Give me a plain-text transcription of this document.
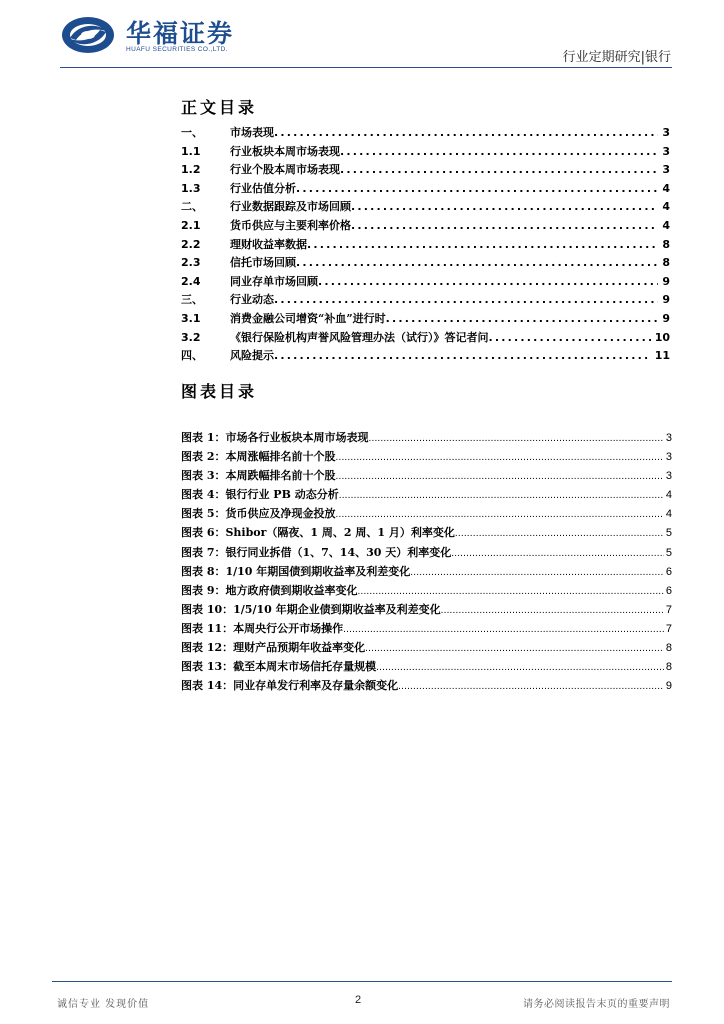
华福证券
HUAFU SECURITIES CO.,LTD.
行业定期研究|银行
正文目录
一、	市场表现 .....	3
1.1	行业板块本周市场表现 .....	3
1.2	行业个股本周市场表现 .....	3
1.3	行业估值分析 .....	4
二、	行业数据跟踪及市场回顾 .....	4
2.1	货币供应与主要利率价格 .....	4
2.2	理财收益率数据 .....	8
2.3	信托市场回顾 .....	8
2.4	同业存单市场回顾 .....	9
三、	行业动态 .....	9
3.1	消费金融公司增资“补血”进行时 .....	9
3.2	《银行保险机构声誉风险管理办法（试行）》答记者问 .....	10
四、	风险提示 .....	11
图表目录
图表 1：市场各行业板块本周市场表现 .....	3
图表 2：本周涨幅排名前十个股 .....	3
图表 3：本周跌幅排名前十个股 .....	3
图表 4：银行行业 PB 动态分析 .....	4
图表 5：货币供应及净现金投放 .....	4
图表 6：Shibor（隔夜、1 周、2 周、1 月）利率变化 .....	5
图表 7：银行同业拆借（1、7、14、30 天）利率变化 .....	5
图表 8：1/10 年期国债到期收益率及利差变化 .....	6
图表 9：地方政府债到期收益率变化 .....	6
图表 10：1/5/10 年期企业债到期收益率及利差变化 .....	7
图表 11：本周央行公开市场操作 .....	7
图表 12：理财产品预期年收益率变化 .....	8
图表 13：截至本周末市场信托存量规模 .....	8
图表 14：同业存单发行利率及存量余额变化 .....	9
诚信专业 发现价值	2	请务必阅读报告末页的重要声明
